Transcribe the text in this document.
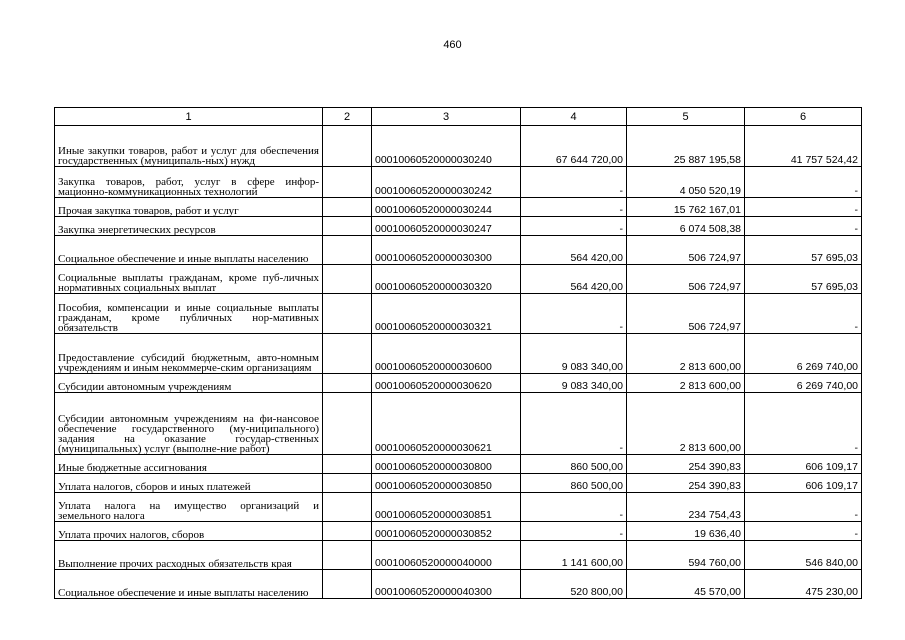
460
1	2	3	4	5	6
Иные закупки товаров, работ и услуг для обеспечения государственных (муниципаль-ных) нужд		00010060520000030240	67 644 720,00	25 887 195,58	41 757 524,42
Закупка товаров, работ, услуг в сфере инфор-мационно-коммуникационных технологий		00010060520000030242	-	4 050 520,19	-
Прочая закупка товаров, работ и услуг		00010060520000030244	-	15 762 167,01	-
Закупка энергетических ресурсов		00010060520000030247	-	6 074 508,38	-
Социальное обеспечение и иные выплаты населению		00010060520000030300	564 420,00	506 724,97	57 695,03
Социальные выплаты гражданам, кроме пуб-личных нормативных социальных выплат		00010060520000030320	564 420,00	506 724,97	57 695,03
Пособия, компенсации и иные социальные выплаты гражданам, кроме публичных нор-мативных обязательств		00010060520000030321	-	506 724,97	-
Предоставление субсидий бюджетным, авто-номным учреждениям и иным некоммерче-ским организациям		00010060520000030600	9 083 340,00	2 813 600,00	6 269 740,00
Субсидии автономным учреждениям		00010060520000030620	9 083 340,00	2 813 600,00	6 269 740,00
Субсидии автономным учреждениям на фи-нансовое обеспечение государственного (му-ниципального) задания на оказание государ-ственных (муниципальных) услуг (выполне-ние работ)		00010060520000030621	-	2 813 600,00	-
Иные бюджетные ассигнования		00010060520000030800	860 500,00	254 390,83	606 109,17
Уплата налогов, сборов и иных платежей		00010060520000030850	860 500,00	254 390,83	606 109,17
Уплата налога на имущество организаций и земельного налога		00010060520000030851	-	234 754,43	-
Уплата прочих налогов, сборов		00010060520000030852	-	19 636,40	-
Выполнение прочих расходных обязательств края		00010060520000040000	1 141 600,00	594 760,00	546 840,00
Социальное обеспечение и иные выплаты населению		00010060520000040300	520 800,00	45 570,00	475 230,00
